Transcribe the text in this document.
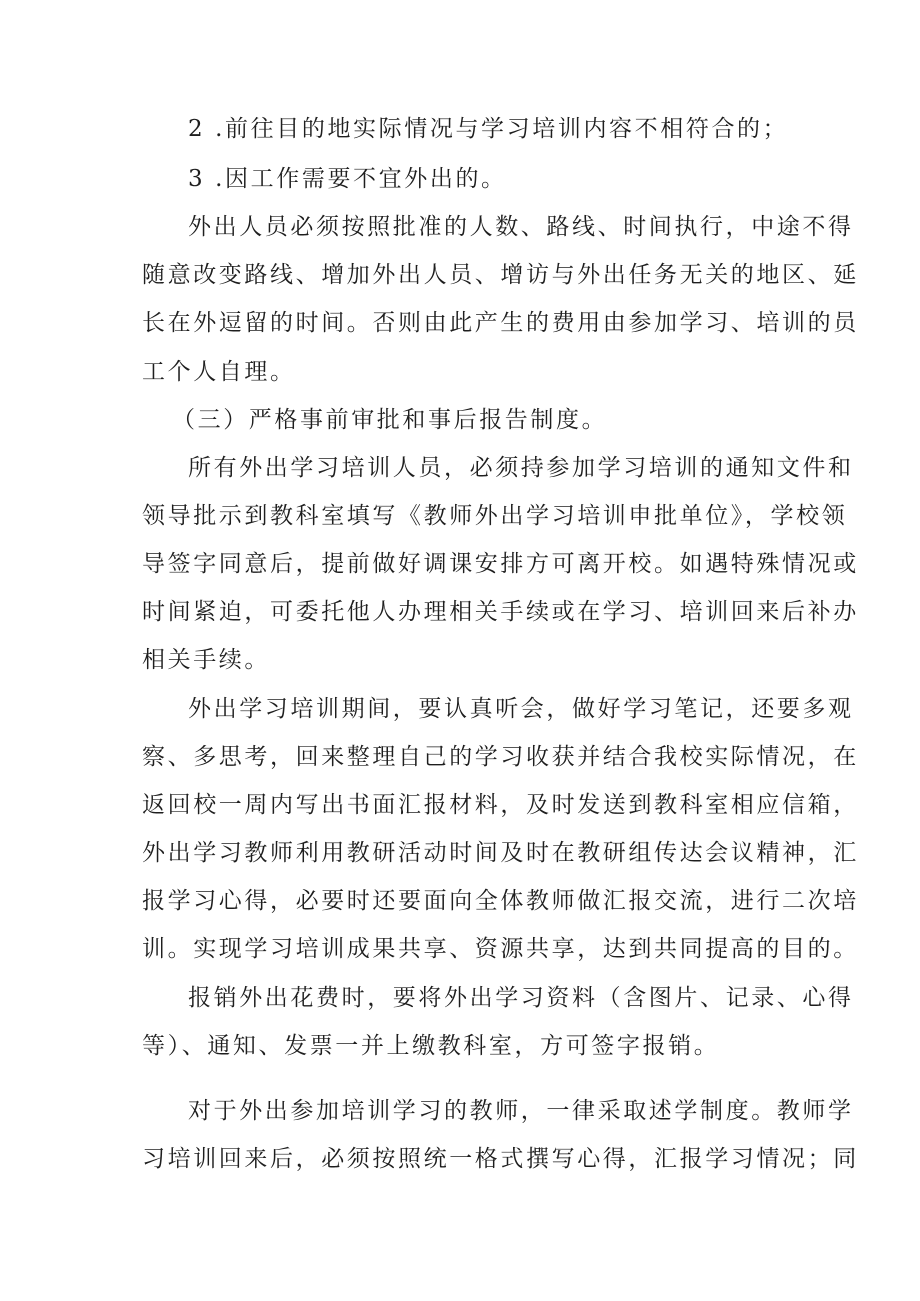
2 .前往目的地实际情况与学习培训内容不相符合的；
3 .因工作需要不宜外出的。
外出人员必须按照批准的人数、路线、时间执行，中途不得
随意改变路线、增加外出人员、增访与外出任务无关的地区、延
长在外逗留的时间。否则由此产生的费用由参加学习、培训的员
工个人自理。
（三）严格事前审批和事后报告制度。
所有外出学习培训人员，必须持参加学习培训的通知文件和
领导批示到教科室填写《教师外出学习培训申批单位》，学校领
导签字同意后，提前做好调课安排方可离开校。如遇特殊情况或
时间紧迫，可委托他人办理相关手续或在学习、培训回来后补办
相关手续。
外出学习培训期间，要认真听会，做好学习笔记，还要多观
察、多思考，回来整理自己的学习收获并结合我校实际情况，在
返回校一周内写出书面汇报材料，及时发送到教科室相应信箱，
外出学习教师利用教研活动时间及时在教研组传达会议精神，汇
报学习心得，必要时还要面向全体教师做汇报交流，进行二次培
训。实现学习培训成果共享、资源共享，达到共同提高的目的。
报销外出花费时，要将外出学习资料（含图片、记录、心得
等）、通知、发票一并上缴教科室，方可签字报销。
对于外出参加培训学习的教师，一律采取述学制度。教师学
习培训回来后，必须按照统一格式撰写心得，汇报学习情况；同
